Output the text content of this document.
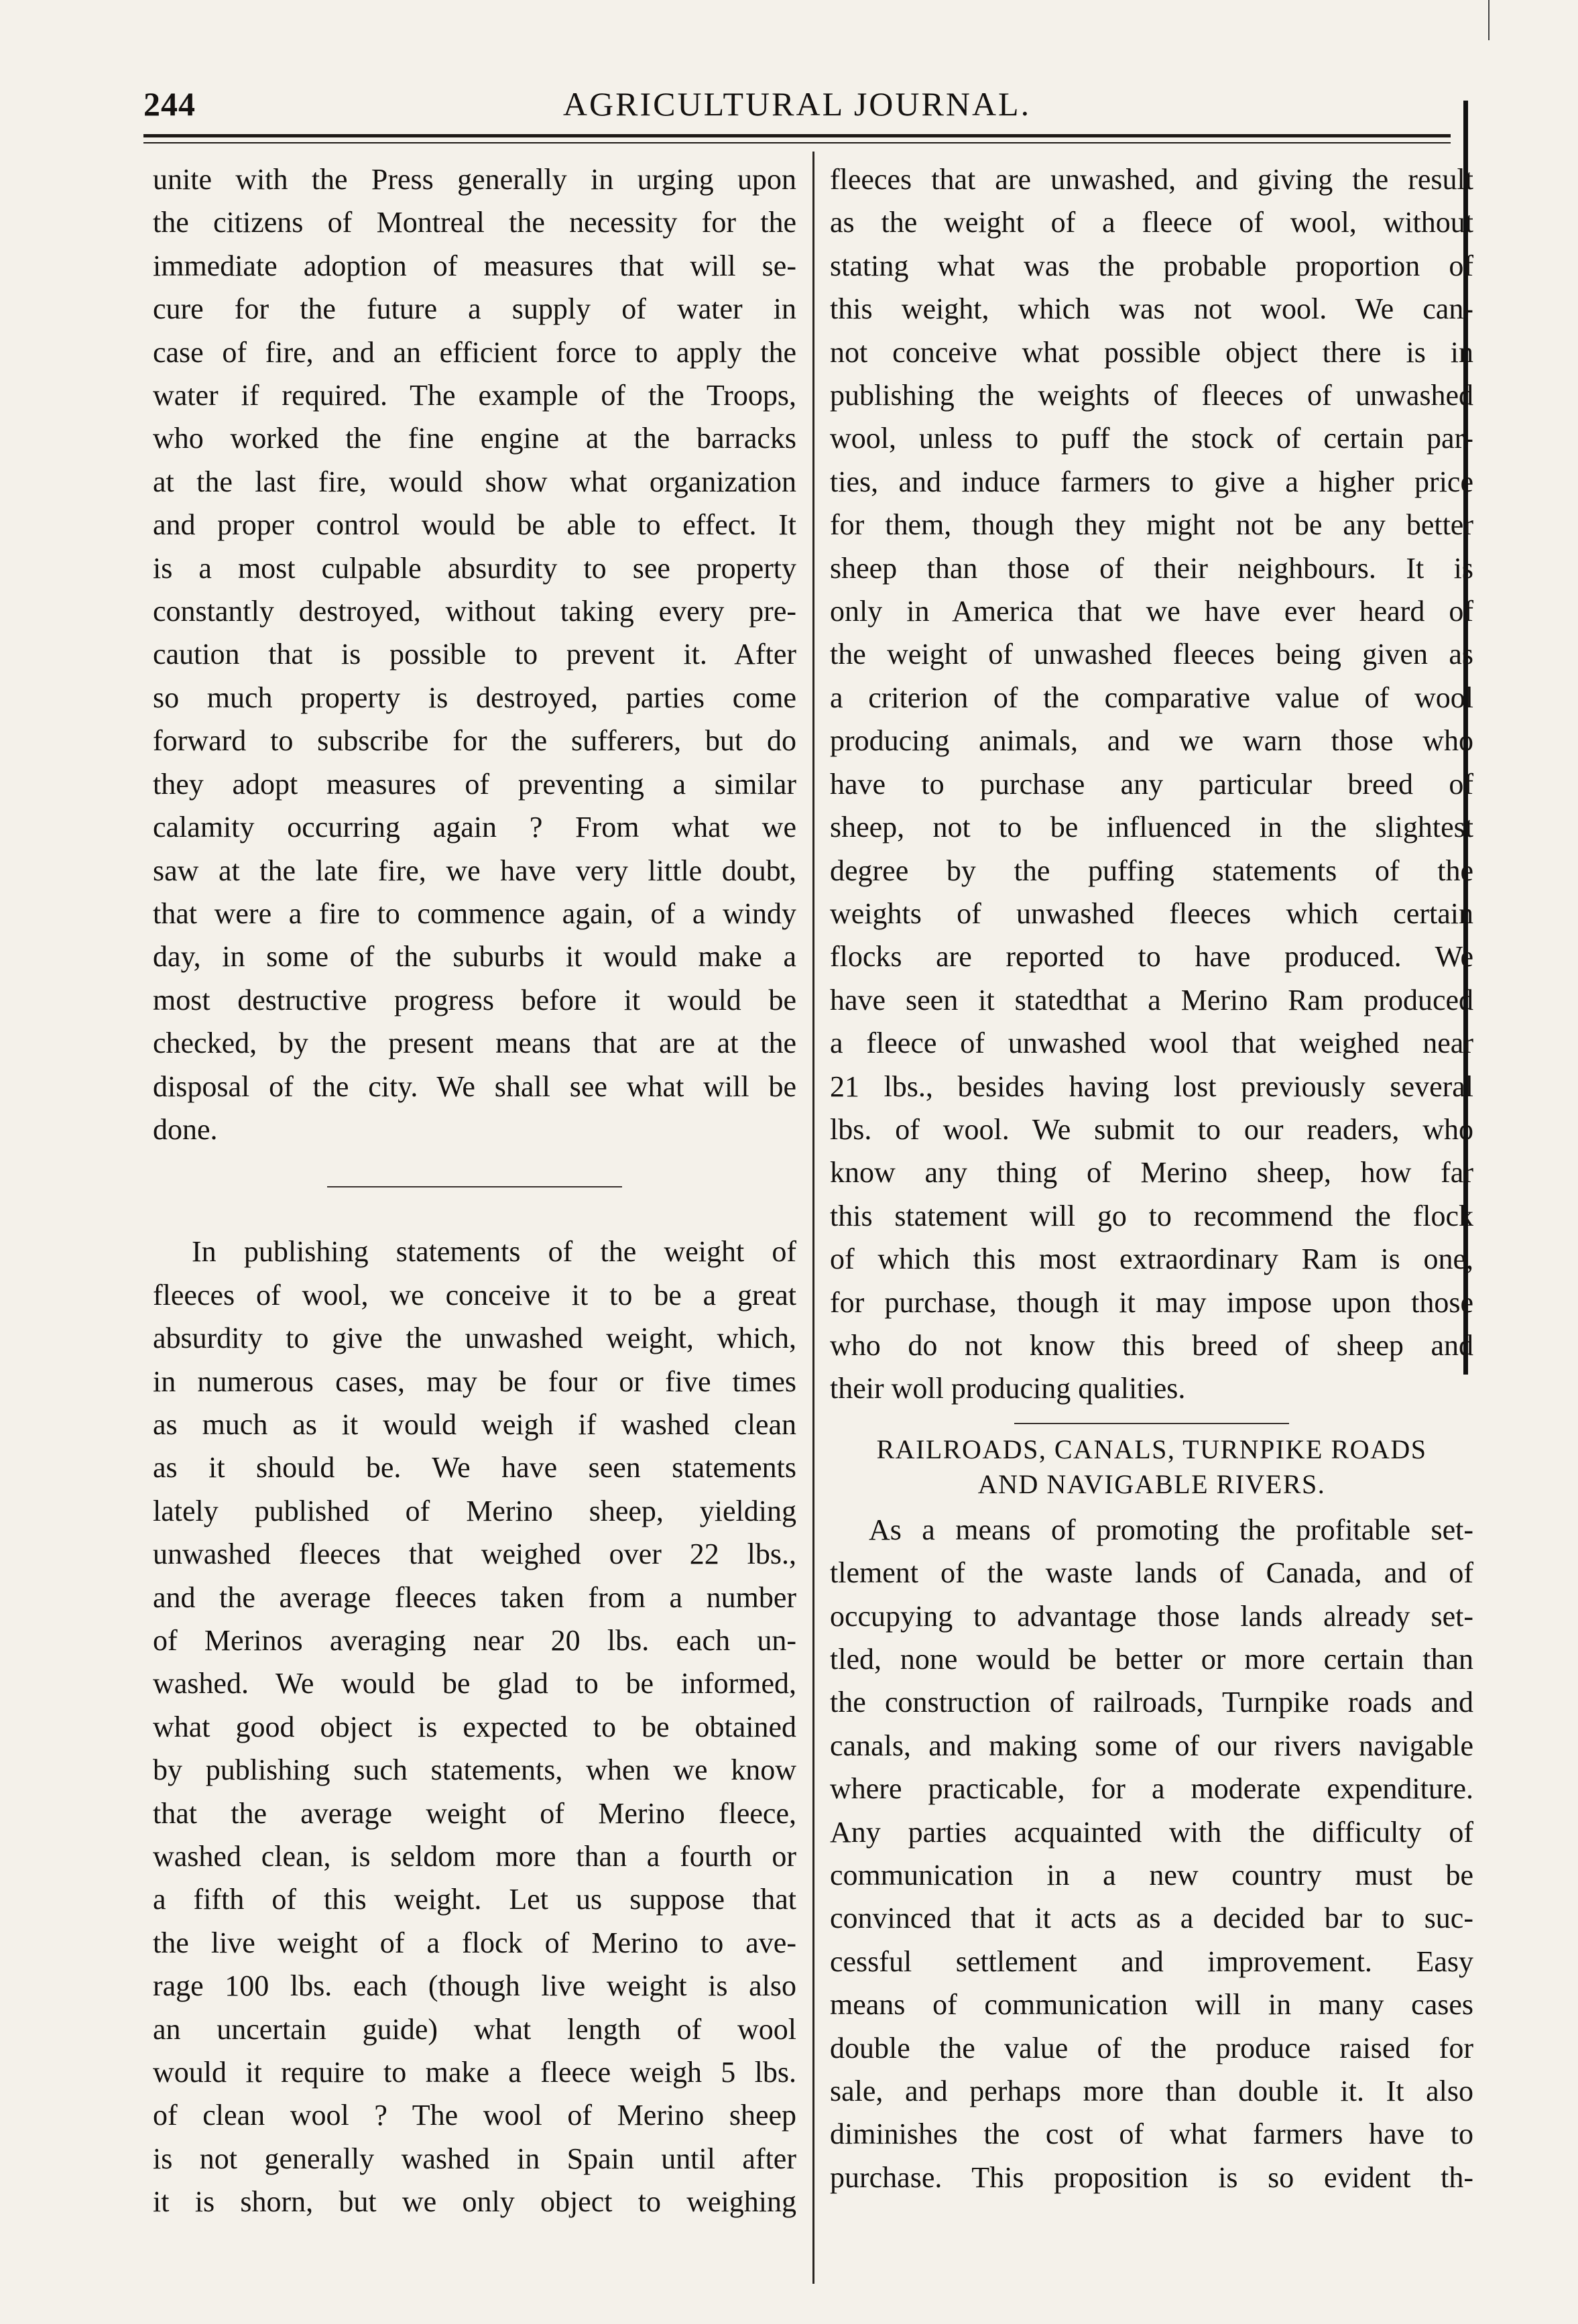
244	AGRICULTURAL JOURNAL.
unite with the Press generally in urging upon
the citizens of Montreal the necessity for the
immediate adoption of measures that will se-
cure for the future a supply of water in
case of fire, and an efficient force to apply the
water if required. The example of the Troops,
who worked the fine engine at the barracks
at the last fire, would show what organization
and proper control would be able to effect. It
is a most culpable absurdity to see property
constantly destroyed, without taking every pre-
caution that is possible to prevent it. After
so much property is destroyed, parties come
forward to subscribe for the sufferers, but do
they adopt measures of preventing a similar
calamity occurring again ? From what we
saw at the late fire, we have very little doubt,
that were a fire to commence again, of a windy
day, in some of the suburbs it would make a
most destructive progress before it would be
checked, by the present means that are at the
disposal of the city. We shall see what will be
done.
In publishing statements of the weight of
fleeces of wool, we conceive it to be a great
absurdity to give the unwashed weight, which,
in numerous cases, may be four or five times
as much as it would weigh if washed clean
as it should be. We have seen statements
lately published of Merino sheep, yielding
unwashed fleeces that weighed over 22 lbs.,
and the average fleeces taken from a number
of Merinos averaging near 20 lbs. each un-
washed. We would be glad to be informed,
what good object is expected to be obtained
by publishing such statements, when we know
that the average weight of Merino fleece,
washed clean, is seldom more than a fourth or
a fifth of this weight. Let us suppose that
the live weight of a flock of Merino to ave-
rage 100 lbs. each (though live weight is also
an uncertain guide) what length of wool
would it require to make a fleece weigh 5 lbs.
of clean wool ? The wool of Merino sheep
is not generally washed in Spain until after
it is shorn, but we only object to weighing
fleeces that are unwashed, and giving the result
as the weight of a fleece of wool, without
stating what was the probable proportion of
this weight, which was not wool. We can-
not conceive what possible object there is in
publishing the weights of fleeces of unwashed
wool, unless to puff the stock of certain par-
ties, and induce farmers to give a higher price
for them, though they might not be any better
sheep than those of their neighbours. It is
only in America that we have ever heard of
the weight of unwashed fleeces being given as
a criterion of the comparative value of wool
producing animals, and we warn those who
have to purchase any particular breed of
sheep, not to be influenced in the slightest
degree by the puffing statements of the
weights of unwashed fleeces which certain
flocks are reported to have produced. We
have seen it statedthat a Merino Ram produced
a fleece of unwashed wool that weighed near
21 lbs., besides having lost previously several
lbs. of wool. We submit to our readers, who
know any thing of Merino sheep, how far
this statement will go to recommend the flock
of which this most extraordinary Ram is one,
for purchase, though it may impose upon those
who do not know this breed of sheep and
their woll producing qualities.
RAILROADS, CANALS, TURNPIKE ROADS
AND NAVIGABLE RIVERS.
As a means of promoting the profitable set-
tlement of the waste lands of Canada, and of
occupying to advantage those lands already set-
tled, none would be better or more certain than
the construction of railroads, Turnpike roads and
canals, and making some of our rivers navigable
where practicable, for a moderate expenditure.
Any parties acquainted with the difficulty of
communication in a new country must be
convinced that it acts as a decided bar to suc-
cessful settlement and improvement. Easy
means of communication will in many cases
double the value of the produce raised for
sale, and perhaps more than double it. It also
diminishes the cost of what farmers have to
purchase. This proposition is so evident th-
